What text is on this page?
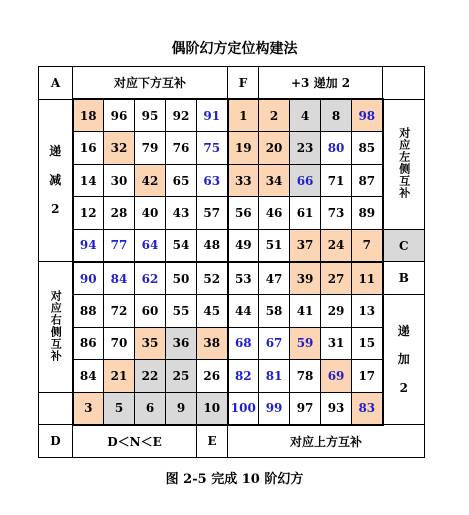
偶阶幻方定位构建法
A	对应下方互补					F	+3 递加 2				

递
减
2	18	96	95	92	91	1	2	4	8	98	对应左侧互补
	16	32	79	76	75	19	20	23	80	85	
	14	30	42	65	63	33	34	66	71	87	
	12	28	40	43	57	56	46	61	73	89	
	94	77	64	54	48	49	51	37	24	7	C
对应右侧互补	90	84	62	50	52	53	47	39	27	11	B
	88	72	60	55	45	44	58	41	29	13	递
加
2

	86	70	35	36	38	68	67	59	31	15	
	84	21	22	25	26	82	81	78	69	17	
	3	5	6	9	10	100	99	97	93	83	
D	D＜N＜E				E	对应上方互补					
图 2-5 完成 10 阶幻方
